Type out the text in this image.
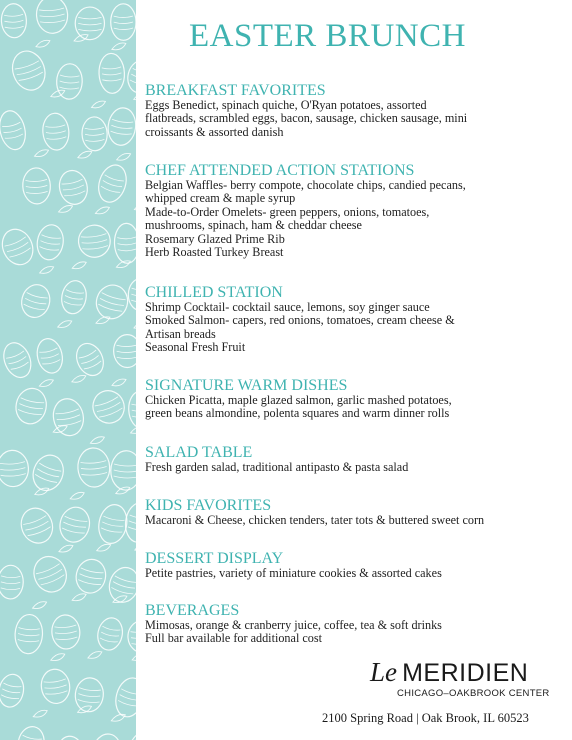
EASTER BRUNCH
BREAKFAST FAVORITES
Eggs Benedict, spinach quiche, O'Ryan potatoes, assorted
flatbreads, scrambled eggs, bacon, sausage, chicken sausage, mini
croissants & assorted danish
CHEF ATTENDED ACTION STATIONS
Belgian Waffles- berry compote, chocolate chips, candied pecans,
whipped cream & maple syrup
Made-to-Order Omelets- green peppers, onions, tomatoes,
mushrooms, spinach, ham & cheddar cheese
Rosemary Glazed Prime Rib
Herb Roasted Turkey Breast
CHILLED STATION
Shrimp Cocktail- cocktail sauce, lemons, soy ginger sauce
Smoked Salmon- capers, red onions, tomatoes, cream cheese &
Artisan breads
Seasonal Fresh Fruit
SIGNATURE WARM DISHES
Chicken Picatta, maple glazed salmon, garlic mashed potatoes,
green beans almondine, polenta squares and warm dinner rolls
SALAD TABLE
Fresh garden salad, traditional antipasto & pasta salad
KIDS FAVORITES
Macaroni & Cheese, chicken tenders, tater tots & buttered sweet corn
DESSERT DISPLAY
Petite pastries, variety of miniature cookies & assorted cakes
BEVERAGES
Mimosas, orange & cranberry juice, coffee, tea & soft drinks
Full bar available for additional cost
Le MERIDIEN
CHICAGO–OAKBROOK CENTER
2100 Spring Road | Oak Brook, IL 60523
